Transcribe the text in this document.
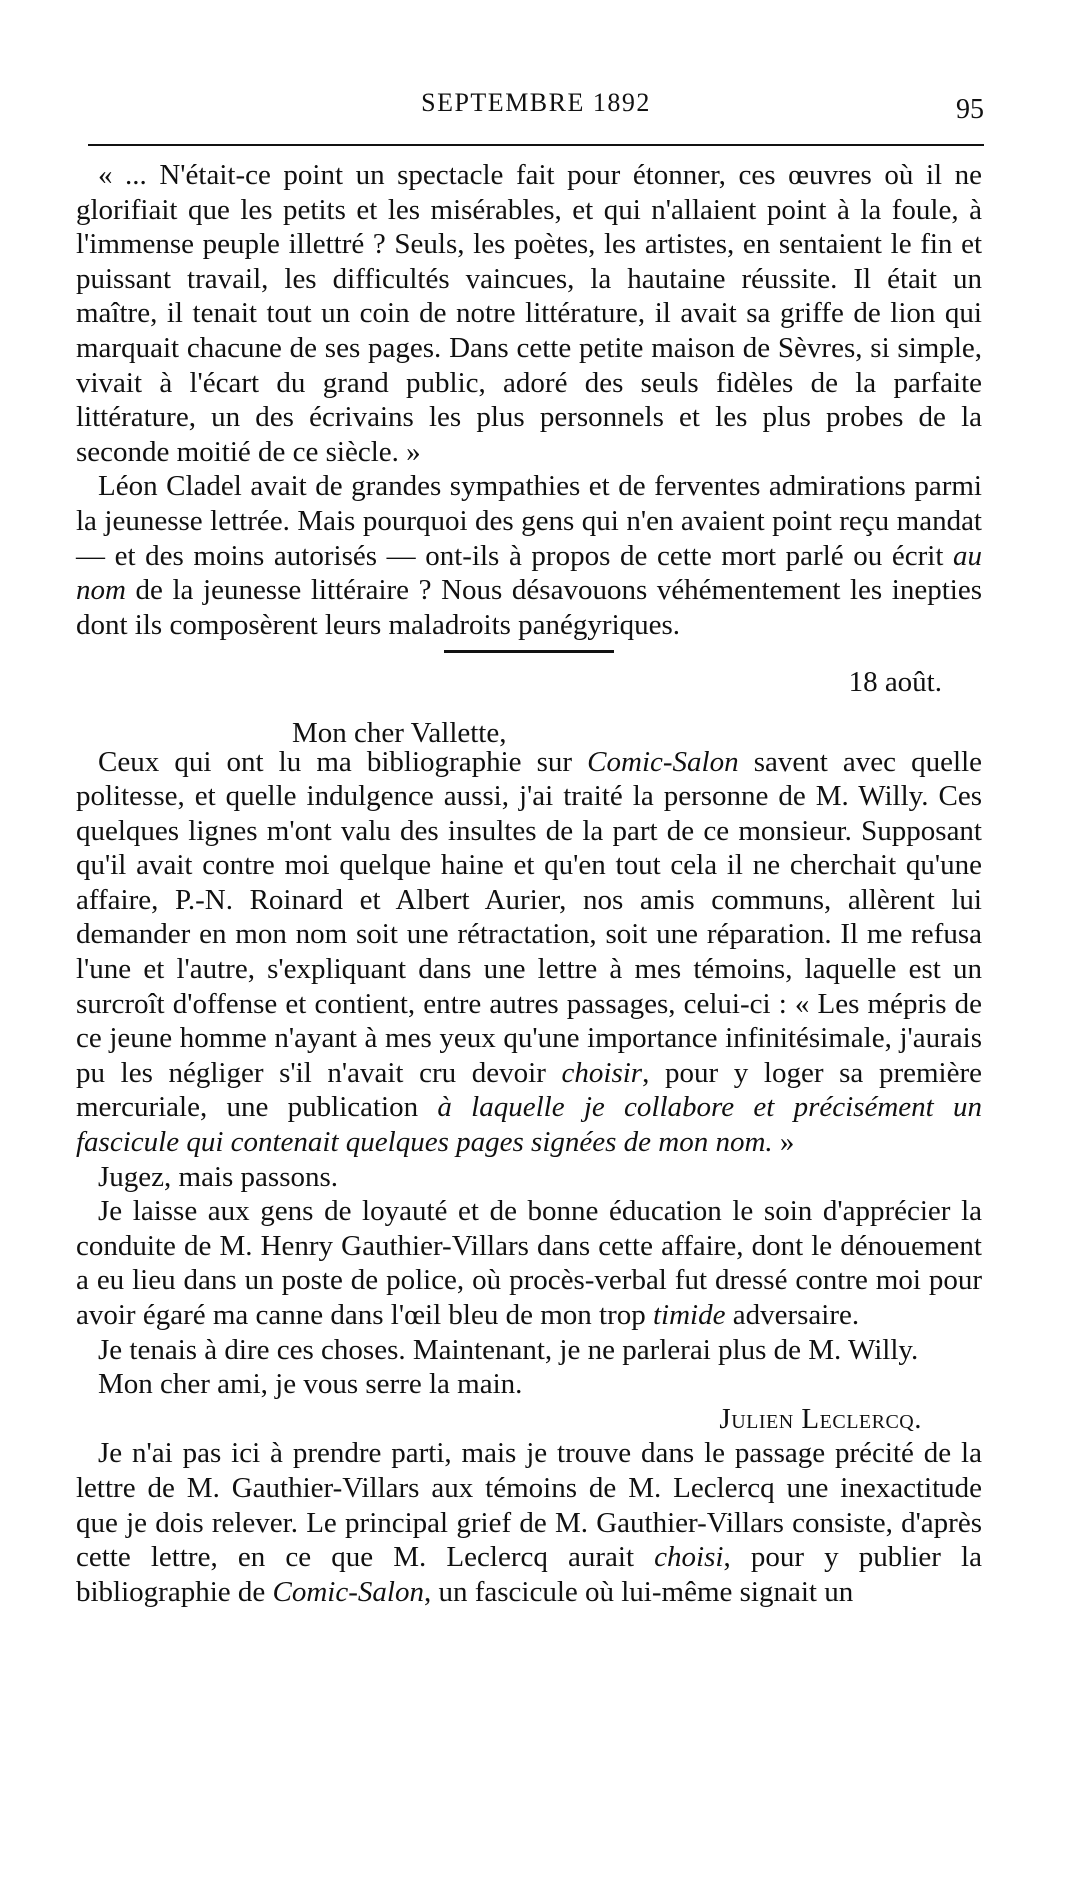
SEPTEMBRE 1892	95

« ... N'était-ce point un spectacle fait pour étonner, ces œuvres où il ne glorifiait que les petits et les misérables, et qui n'allaient point à la foule, à l'immense peuple illettré ? Seuls, les poètes, les artistes, en sentaient le fin et puissant travail, les difficultés vaincues, la hautaine réussite. Il était un maître, il tenait tout un coin de notre littérature, il avait sa griffe de lion qui marquait chacune de ses pages. Dans cette petite maison de Sèvres, si simple, vivait à l'écart du grand public, adoré des seuls fidèles de la parfaite littérature, un des écrivains les plus personnels et les plus probes de la seconde moitié de ce siècle. »

Léon Cladel avait de grandes sympathies et de ferventes admirations parmi la jeunesse lettrée. Mais pourquoi des gens qui n'en avaient point reçu mandat — et des moins autorisés — ont-ils à propos de cette mort parlé ou écrit au nom de la jeunesse littéraire ? Nous désavouons véhémentement les inepties dont ils composèrent leurs maladroits panégyriques.

18 août.
Mon cher Vallette,

Ceux qui ont lu ma bibliographie sur Comic-Salon savent avec quelle politesse, et quelle indulgence aussi, j'ai traité la personne de M. Willy. Ces quelques lignes m'ont valu des insultes de la part de ce monsieur. Supposant qu'il avait contre moi quelque haine et qu'en tout cela il ne cherchait qu'une affaire, P.-N. Roinard et Albert Aurier, nos amis communs, allèrent lui demander en mon nom soit une rétractation, soit une réparation. Il me refusa l'une et l'autre, s'expliquant dans une lettre à mes témoins, laquelle est un surcroît d'offense et contient, entre autres passages, celui-ci : « Les mépris de ce jeune homme n'ayant à mes yeux qu'une importance infinitésimale, j'aurais pu les négliger s'il n'avait cru devoir choisir, pour y loger sa première mercuriale, une publication à laquelle je collabore et précisément un fascicule qui contenait quelques pages signées de mon nom. »

Jugez, mais passons.

Je laisse aux gens de loyauté et de bonne éducation le soin d'apprécier la conduite de M. Henry Gauthier-Villars dans cette affaire, dont le dénouement a eu lieu dans un poste de police, où procès-verbal fut dressé contre moi pour avoir égaré ma canne dans l'œil bleu de mon trop timide adversaire.

Je tenais à dire ces choses. Maintenant, je ne parlerai plus de M. Willy.

Mon cher ami, je vous serre la main.

Julien Leclercq.

Je n'ai pas ici à prendre parti, mais je trouve dans le passage précité de la lettre de M. Gauthier-Villars aux témoins de M. Leclercq une inexactitude que je dois relever. Le principal grief de M. Gauthier-Villars consiste, d'après cette lettre, en ce que M. Leclercq aurait choisi, pour y publier la bibliographie de Comic-Salon, un fascicule où lui-même signait un
